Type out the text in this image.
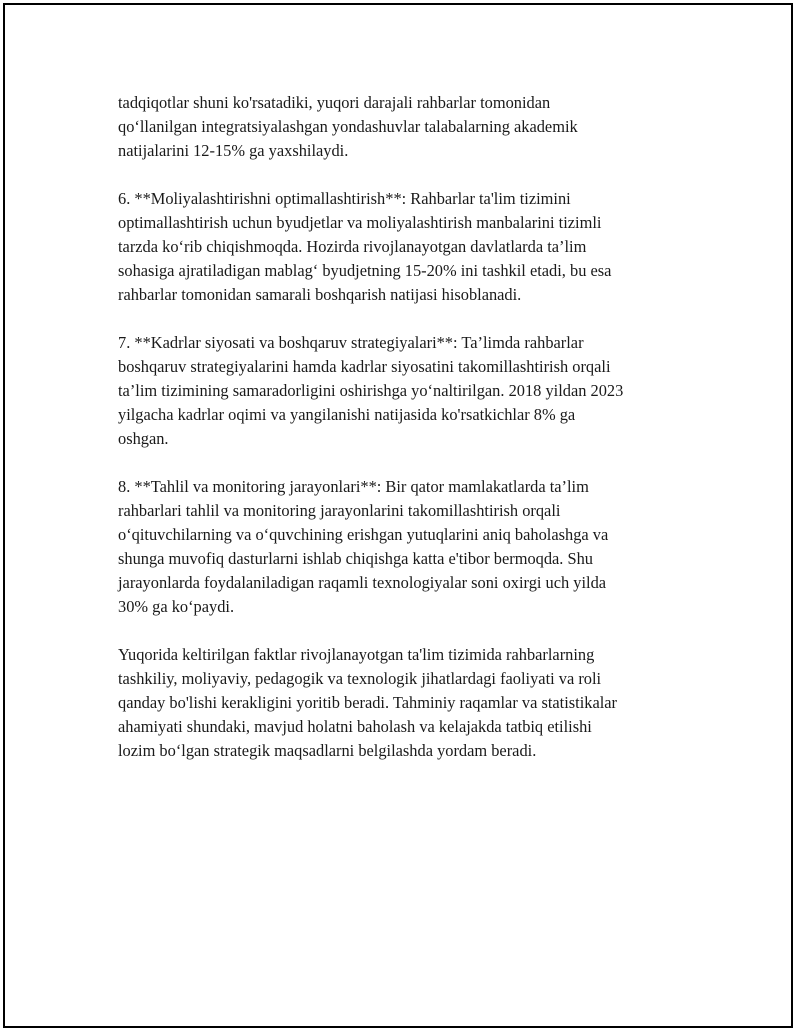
tadqiqotlar shuni ko'rsatadiki, yuqori darajali rahbarlar tomonidan
qo‘llanilgan integratsiyalashgan yondashuvlar talabalarning akademik
natijalarini 12-15% ga yaxshilaydi.

6. **Moliyalashtirishni optimallashtirish**: Rahbarlar ta'lim tizimini
optimallashtirish uchun byudjetlar va moliyalashtirish manbalarini tizimli
tarzda ko‘rib chiqishmoqda. Hozirda rivojlanayotgan davlatlarda ta’lim
sohasiga ajratiladigan mablag‘ byudjetning 15-20% ini tashkil etadi, bu esa
rahbarlar tomonidan samarali boshqarish natijasi hisoblanadi.

7. **Kadrlar siyosati va boshqaruv strategiyalari**: Ta’limda rahbarlar
boshqaruv strategiyalarini hamda kadrlar siyosatini takomillashtirish orqali
ta’lim tizimining samaradorligini oshirishga yo‘naltirilgan. 2018 yildan 2023
yilgacha kadrlar oqimi va yangilanishi natijasida ko'rsatkichlar 8% ga
oshgan.

8. **Tahlil va monitoring jarayonlari**: Bir qator mamlakatlarda ta’lim
rahbarlari tahlil va monitoring jarayonlarini takomillashtirish orqali
o‘qituvchilarning va o‘quvchining erishgan yutuqlarini aniq baholashga va
shunga muvofiq dasturlarni ishlab chiqishga katta e'tibor bermoqda. Shu
jarayonlarda foydalaniladigan raqamli texnologiyalar soni oxirgi uch yilda
30% ga ko‘paydi.

Yuqorida keltirilgan faktlar rivojlanayotgan ta'lim tizimida rahbarlarning
tashkiliy, moliyaviy, pedagogik va texnologik jihatlardagi faoliyati va roli
qanday bo'lishi kerakligini yoritib beradi. Tahminiy raqamlar va statistikalar
ahamiyati shundaki, mavjud holatni baholash va kelajakda tatbiq etilishi
lozim bo‘lgan strategik maqsadlarni belgilashda yordam beradi.
